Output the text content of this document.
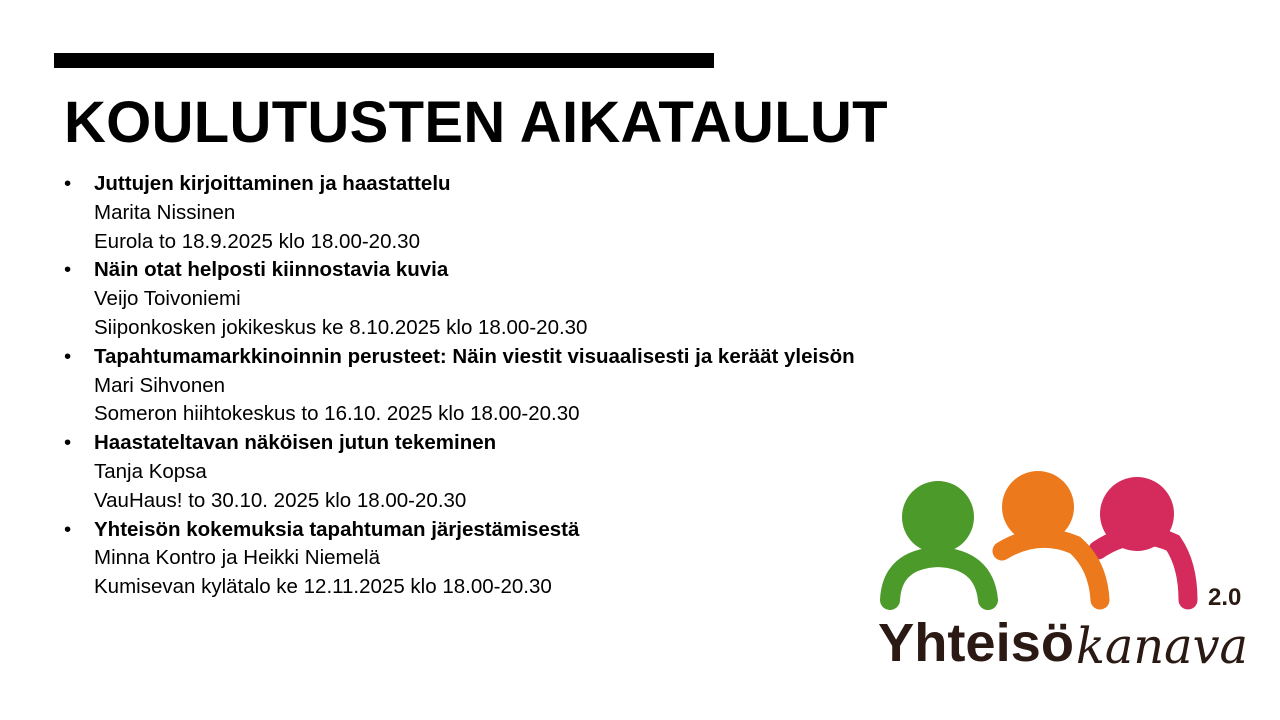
KOULUTUSTEN AIKATAULUT
• Juttujen kirjoittaminen ja haastattelu
Marita Nissinen
Eurola to 18.9.2025 klo 18.00-20.30
• Näin otat helposti kiinnostavia kuvia
Veijo Toivoniemi
Siiponkosken jokikeskus ke 8.10.2025 klo 18.00-20.30
• Tapahtumamarkkinoinnin perusteet: Näin viestit visuaalisesti ja keräät yleisön
Mari Sihvonen
Someron hiihtokeskus to 16.10. 2025 klo 18.00-20.30
• Haastateltavan näköisen jutun tekeminen
Tanja Kopsa
VauHaus! to 30.10. 2025 klo 18.00-20.30
• Yhteisön kokemuksia tapahtuman järjestämisestä
Minna Kontro ja Heikki Niemelä
Kumisevan kylätalo ke 12.11.2025 klo 18.00-20.30
Yhteisö kanava
2.0
